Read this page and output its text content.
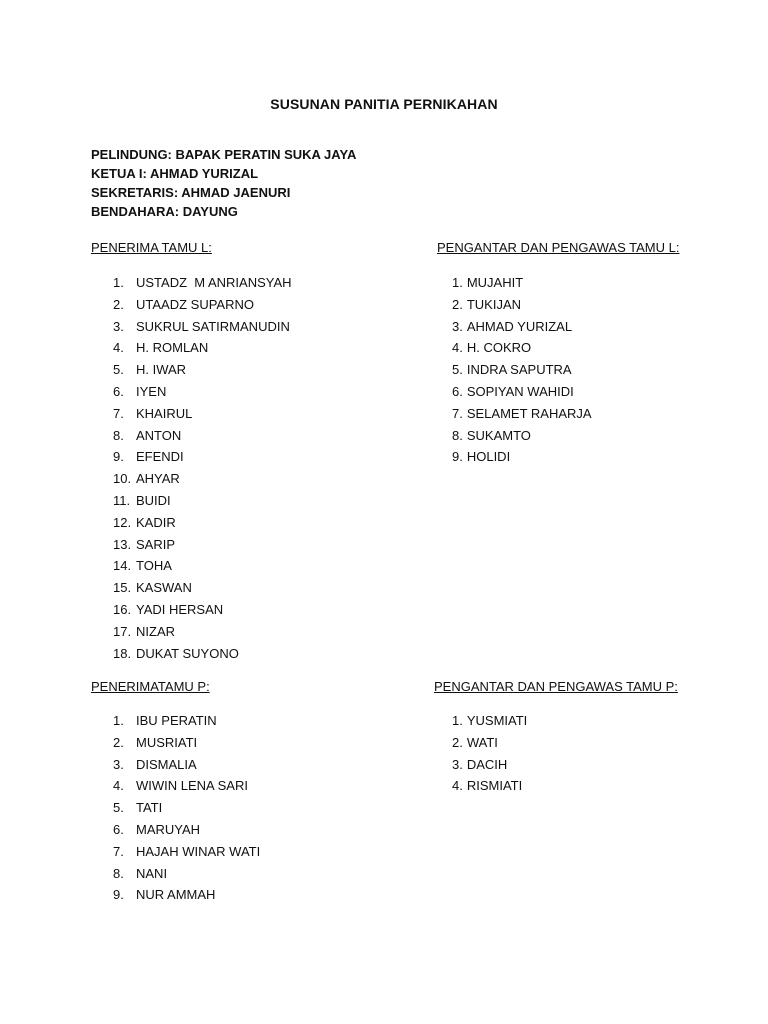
SUSUNAN PANITIA PERNIKAHAN
PELINDUNG: BAPAK PERATIN SUKA JAYA
KETUA I: AHMAD YURIZAL
SEKRETARIS: AHMAD JAENURI
BENDAHARA: DAYUNG
PENERIMA TAMU L:	PENGANTAR DAN PENGAWAS TAMU L:
1. USTADZ  M ANRIANSYAH
2. UTAADZ SUPARNO
3. SUKRUL SATIRMANUDIN
4. H. ROMLAN
5. H. IWAR
6. IYEN
7. KHAIRUL
8. ANTON
9. EFENDI
10. AHYAR
11. BUIDI
12. KADIR
13. SARIP
14. TOHA
15. KASWAN
16. YADI HERSAN
17. NIZAR
18. DUKAT SUYONO
1. MUJAHIT
2. TUKIJAN
3. AHMAD YURIZAL
4. H. COKRO
5. INDRA SAPUTRA
6. SOPIYAN WAHIDI
7. SELAMET RAHARJA
8. SUKAMTO
9. HOLIDI
PENERIMATAMU P:	PENGANTAR DAN PENGAWAS TAMU P:
1. IBU PERATIN
2. MUSRIATI
3. DISMALIA
4. WIWIN LENA SARI
5. TATI
6. MARUYAH
7. HAJAH WINAR WATI
8. NANI
9. NUR AMMAH
1. YUSMIATI
2. WATI
3. DACIH
4. RISMIATI
